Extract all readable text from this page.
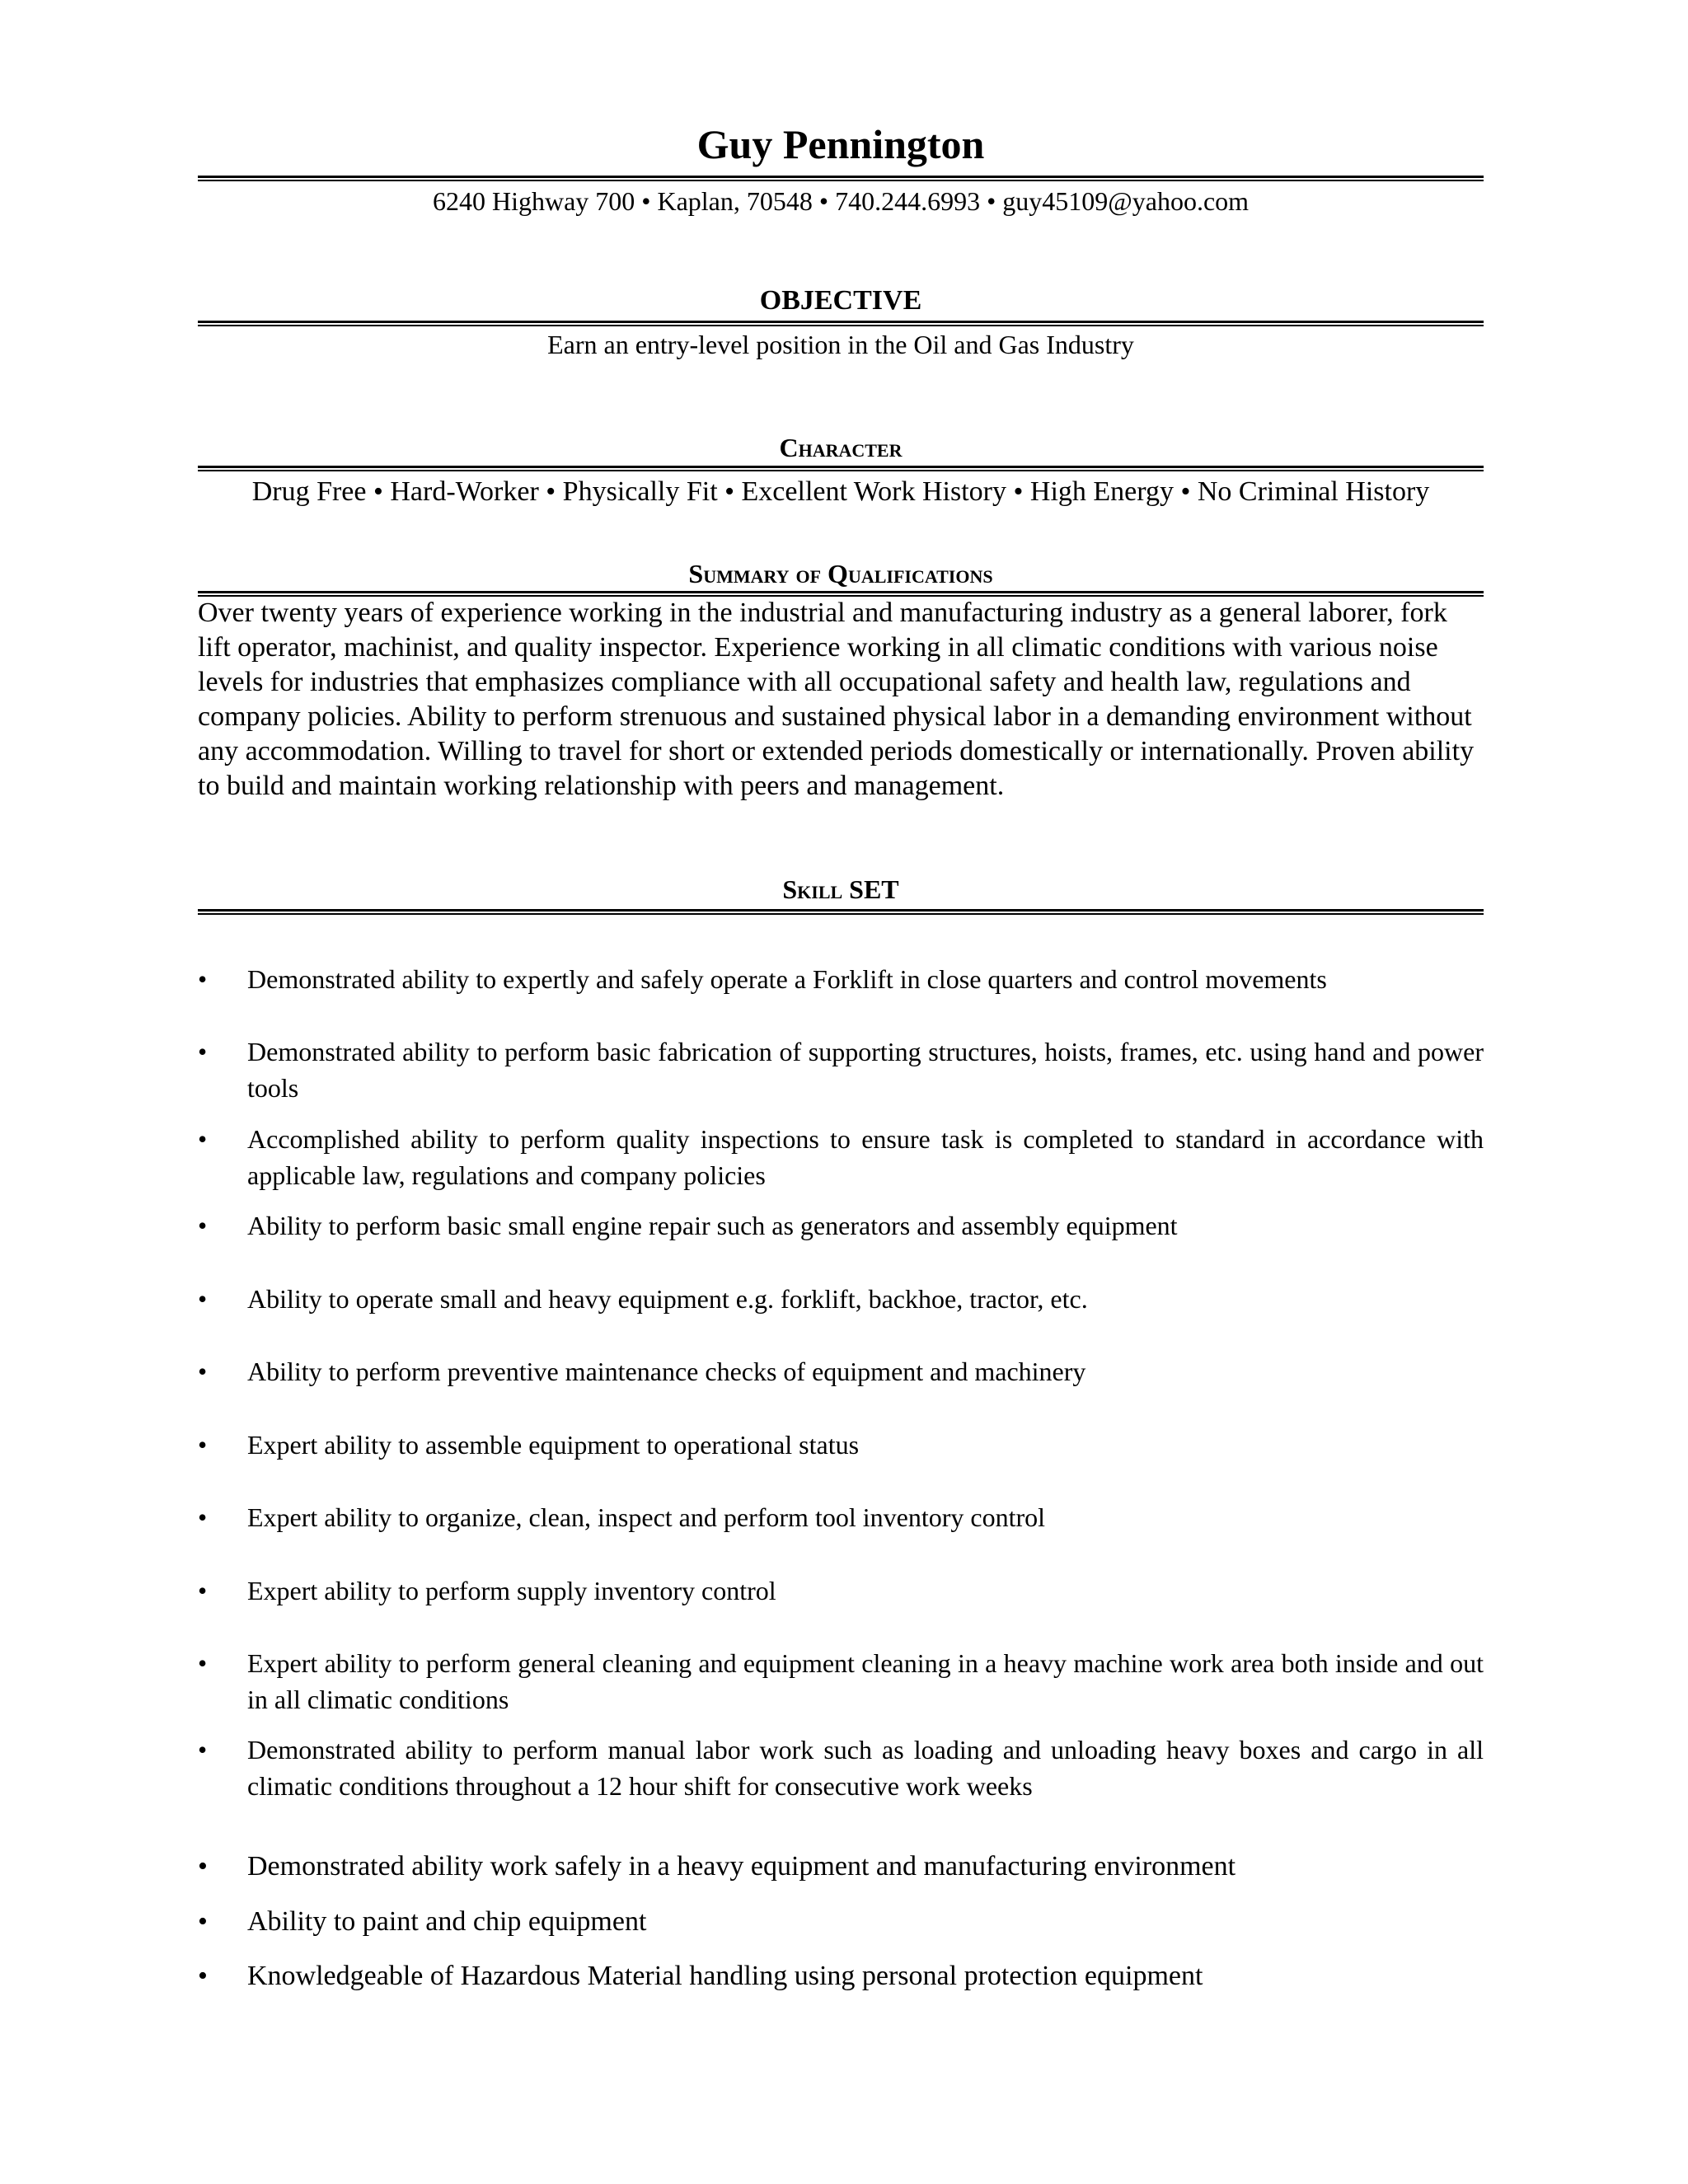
Guy Pennington
6240 Highway 700 • Kaplan, 70548 • 740.244.6993 • guy45109@yahoo.com
OBJECTIVE
Earn an entry-level position in the Oil and Gas Industry
Character
Drug Free • Hard-Worker • Physically Fit • Excellent Work History • High Energy • No Criminal History
Summary of Qualifications

Over twenty years of experience working in the industrial and manufacturing industry as a general laborer, fork lift operator, machinist, and quality inspector. Experience working in all climatic conditions with various noise levels for industries that emphasizes compliance with all occupational safety and health law, regulations and company policies. Ability to perform strenuous and sustained physical labor in a demanding environment without any accommodation. Willing to travel for short or extended periods domestically or internationally. Proven ability to build and maintain working relationship with peers and management.

Skill SET
•	Demonstrated ability to expertly and safely operate a Forklift in close quarters and control movements
•	Demonstrated ability to perform basic fabrication of supporting structures, hoists, frames, etc. using hand and power tools
•	Accomplished ability to perform quality inspections to ensure task is completed to standard in accordance with applicable law, regulations and company policies
•	Ability to perform basic small engine repair such as generators and assembly equipment
•	Ability to operate small and heavy equipment e.g. forklift, backhoe, tractor, etc.
•	Ability to perform preventive maintenance checks of equipment and machinery
•	Expert ability to assemble equipment to operational status
•	Expert ability to organize, clean, inspect and perform tool inventory control
•	Expert ability to perform supply inventory control
•	Expert ability to perform general cleaning and equipment cleaning in a heavy machine work area both inside and out in all climatic conditions
•	Demonstrated ability to perform manual labor work such as loading and unloading heavy boxes and cargo in all climatic conditions throughout a 12 hour shift for consecutive work weeks
•	Demonstrated ability work safely in a heavy equipment and manufacturing environment
•	Ability to paint and chip equipment
•	Knowledgeable of Hazardous Material handling using personal protection equipment
